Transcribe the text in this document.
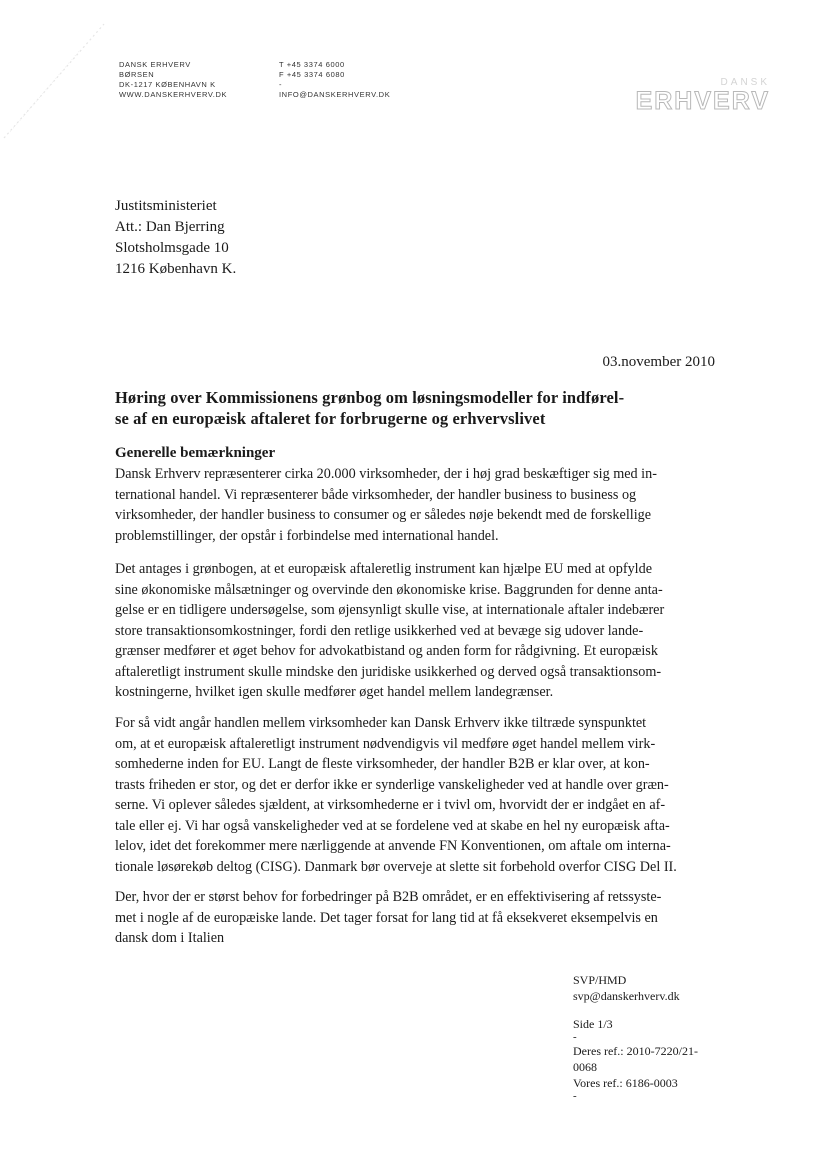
DANSK ERHVERV
BØRSEN
DK-1217 KØBENHAVN K
WWW.DANSKERHVERV.DK
T +45 3374 6000
F +45 3374 6080
-
INFO@DANSKERHVERV.DK
DANSK
ERHVERV
Justitsministeriet
Att.: Dan Bjerring
Slotsholmsgade 10
1216 København K.
03.november 2010
Høring over Kommissionens grønbog om løsningsmodeller for indførel-
se af en europæisk aftaleret for forbrugerne og erhvervslivet
Generelle bemærkninger
Dansk Erhverv repræsenterer cirka 20.000 virksomheder, der i høj grad beskæftiger sig med in-
ternational handel. Vi repræsenterer både virksomheder, der handler business to business og
virksomheder, der handler business to consumer og er således nøje bekendt med de forskellige
problemstillinger, der opstår i forbindelse med international handel.
Det antages i grønbogen, at et europæisk aftaleretlig instrument kan hjælpe EU med at opfylde
sine økonomiske målsætninger og overvinde den økonomiske krise. Baggrunden for denne anta-
gelse er en tidligere undersøgelse, som øjensynligt skulle vise, at internationale aftaler indebærer
store transaktionsomkostninger, fordi den retlige usikkerhed ved at bevæge sig udover lande-
grænser medfører et øget behov for advokatbistand og anden form for rådgivning. Et europæisk
aftaleretligt instrument skulle mindske den juridiske usikkerhed og derved også transaktionsom-
kostningerne, hvilket igen skulle medfører øget handel mellem landegrænser.
For så vidt angår handlen mellem virksomheder kan Dansk Erhverv ikke tiltræde synspunktet
om, at et europæisk aftaleretligt instrument nødvendigvis vil medføre øget handel mellem virk-
somhederne inden for EU. Langt de fleste virksomheder, der handler B2B er klar over, at kon-
trasts friheden er stor, og det er derfor ikke er synderlige vanskeligheder ved at handle over græn-
serne. Vi oplever således sjældent, at virksomhederne er i tvivl om, hvorvidt der er indgået en af-
tale eller ej. Vi har også vanskeligheder ved at se fordelene ved at skabe en hel ny europæisk afta-
lelov, idet det forekommer mere nærliggende at anvende FN Konventionen, om aftale om interna-
tionale løsørekøb deltog (CISG). Danmark bør overveje at slette sit forbehold overfor CISG Del II.
Der, hvor der er størst behov for forbedringer på B2B området, er en effektivisering af retssyste-
met i nogle af de europæiske lande. Det tager forsat for lang tid at få eksekveret eksempelvis en
dansk dom i Italien
SVP/HMD
svp@danskerhverv.dk
Side 1/3
-
Deres ref.: 2010-7220/21-
0068
Vores ref.: 6186-0003
-
